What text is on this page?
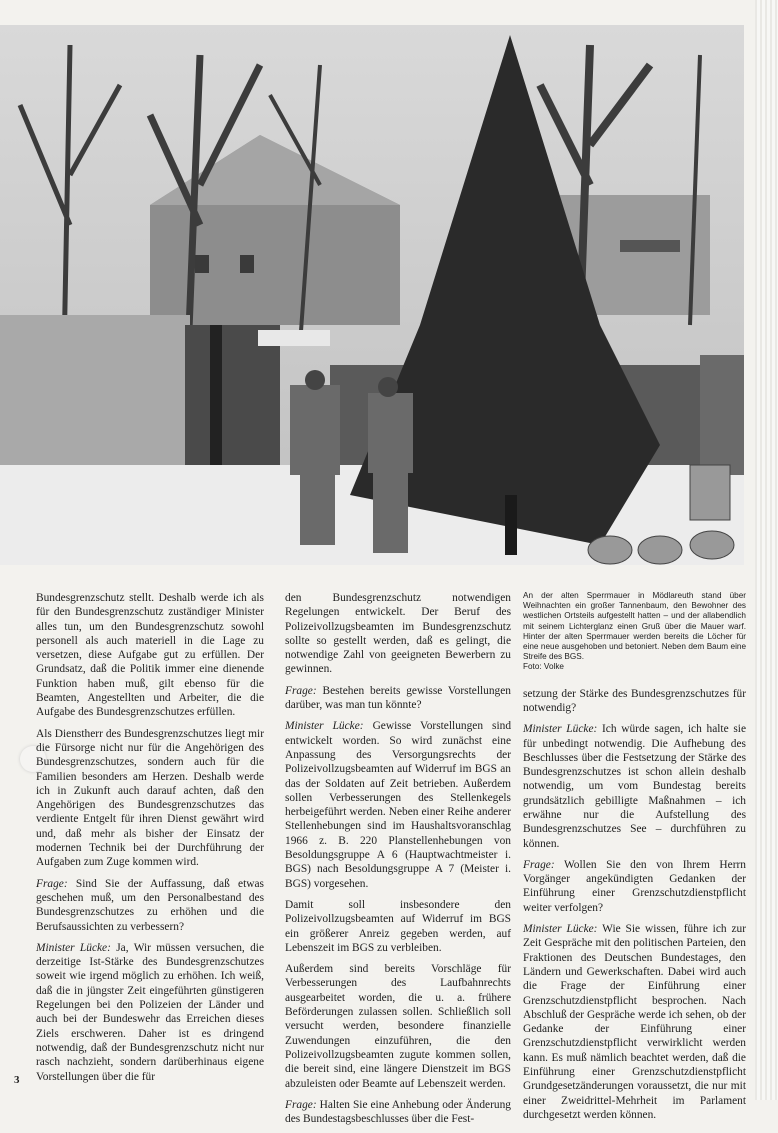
Bundesgrenzschutz stellt. Deshalb werde ich als für den Bundesgrenzschutz zuständiger Minister alles tun, um den Bundesgrenzschutz sowohl personell als auch materiell in die Lage zu versetzen, diese Aufgabe gut zu erfüllen. Der Grundsatz, daß die Politik immer eine dienende Funktion haben muß, gilt ebenso für die Beamten, Angestellten und Arbeiter, die die Aufgabe des Bundesgrenzschutzes erfüllen.

Als Dienstherr des Bundesgrenzschutzes liegt mir die Fürsorge nicht nur für die Angehörigen des Bundesgrenzschutzes, sondern auch für die Familien besonders am Herzen. Deshalb werde ich in Zukunft auch darauf achten, daß den Angehörigen des Bundesgrenzschutzes das verdiente Entgelt für ihren Dienst gewährt wird und, daß mehr als bisher der Einsatz der modernen Technik bei der Durchführung der Aufgaben zum Zuge kommen wird.

Frage: Sind Sie der Auffassung, daß etwas geschehen muß, um den Personalbestand des Bundesgrenzschutzes zu erhöhen und die Berufsaussichten zu verbessern?

Minister Lücke: Ja, Wir müssen versuchen, die derzeitige Ist-Stärke des Bundesgrenzschutzes soweit wie irgend möglich zu erhöhen. Ich weiß, daß die in jüngster Zeit eingeführten günstigeren Regelungen bei den Polizeien der Länder und auch bei der Bundeswehr das Erreichen dieses Ziels erschweren. Daher ist es dringend notwendig, daß der Bundesgrenzschutz nicht nur rasch nachzieht, sondern darüberhinaus eigene Vorstellungen über die für

den Bundesgrenzschutz notwendigen Regelungen entwickelt. Der Beruf des Polizeivollzugsbeamten im Bundesgrenzschutz sollte so gestellt werden, daß es gelingt, die notwendige Zahl von geeigneten Bewerbern zu gewinnen.

Frage: Bestehen bereits gewisse Vorstellungen darüber, was man tun könnte?

Minister Lücke: Gewisse Vorstellungen sind entwickelt worden. So wird zunächst eine Anpassung des Versorgungsrechts der Polizeivollzugsbeamten auf Widerruf im BGS an das der Soldaten auf Zeit betrieben. Außerdem sollen Verbesserungen des Stellenkegels herbeigeführt werden. Neben einer Reihe anderer Stellenhebungen sind im Haushaltsvoranschlag 1966 z. B. 220 Planstellenhebungen von Besoldungsgruppe A 6 (Hauptwachtmeister i. BGS) nach Besoldungsgruppe A 7 (Meister i. BGS) vorgesehen.

Damit soll insbesondere den Polizeivollzugsbeamten auf Widerruf im BGS ein größerer Anreiz gegeben werden, auf Lebenszeit im BGS zu verbleiben.

Außerdem sind bereits Vorschläge für Verbesserungen des Laufbahnrechts ausgearbeitet worden, die u. a. frühere Beförderungen zulassen sollen. Schließlich soll versucht werden, besondere finanzielle Zuwendungen einzuführen, die den Polizeivollzugsbeamten zugute kommen sollen, die bereit sind, eine längere Dienstzeit im BGS abzuleisten oder Beamte auf Lebenszeit werden.

Frage: Halten Sie eine Anhebung oder Änderung des Bundestagsbeschlusses über die Fest-

An der alten Sperrmauer in Mödlareuth stand über Weihnachten ein großer Tannenbaum, den Bewohner des westlichen Ortsteils aufgestellt hatten – und der allabendlich mit seinem Lichterglanz einen Gruß über die Mauer warf. Hinter der alten Sperrmauer werden bereits die Löcher für eine neue ausgehoben und betoniert. Neben dem Baum eine Streife des BGS.
Foto: Volke

setzung der Stärke des Bundesgrenzschutzes für notwendig?

Minister Lücke: Ich würde sagen, ich halte sie für unbedingt notwendig. Die Aufhebung des Beschlusses über die Festsetzung der Stärke des Bundesgrenzschutzes ist schon allein deshalb notwendig, um vom Bundestag bereits grundsätzlich gebilligte Maßnahmen – ich erwähne nur die Aufstellung des Bundesgrenzschutzes See – durchführen zu können.

Frage: Wollen Sie den von Ihrem Herrn Vorgänger angekündigten Gedanken der Einführung einer Grenzschutzdienstpflicht weiter verfolgen?

Minister Lücke: Wie Sie wissen, führe ich zur Zeit Gespräche mit den politischen Parteien, den Fraktionen des Deutschen Bundestages, den Ländern und Gewerkschaften. Dabei wird auch die Frage der Einführung einer Grenzschutzdienstpflicht besprochen. Nach Abschluß der Gespräche werde ich sehen, ob der Gedanke der Einführung einer Grenzschutzdienstpflicht verwirklicht werden kann. Es muß nämlich beachtet werden, daß die Einführung einer Grenzschutzdienstpflicht Grundgesetzänderungen voraussetzt, die nur mit einer Zweidrittel-Mehrheit im Parlament durchgesetzt werden können.

3
